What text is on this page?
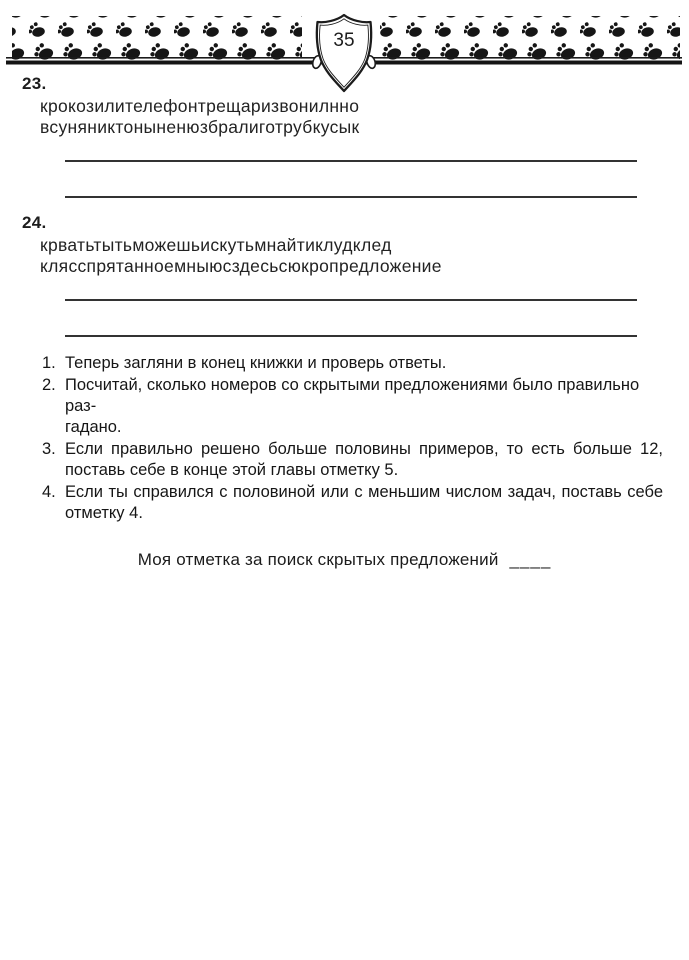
35
23.
крокозилителефонтрещаризвонилнно
всуняниктоныненюзбралиготрубкусык
24.
крватьтытьможешьискутьмнайтиклудклед
клясспрятанноемныюсздесьсюкропредложение
1. Теперь загляни в конец книжки и проверь ответы.
2. Посчитай, сколько номеров со скрытыми предложениями было правильно раз-
гадано.
3. Если правильно решено больше половины примеров, то есть больше 12,
поставь себе в конце этой главы отметку 5.
4. Если ты справился с половиной или с меньшим числом задач, поставь себе
отметку 4.
Моя отметка за поиск скрытых предложений ____
